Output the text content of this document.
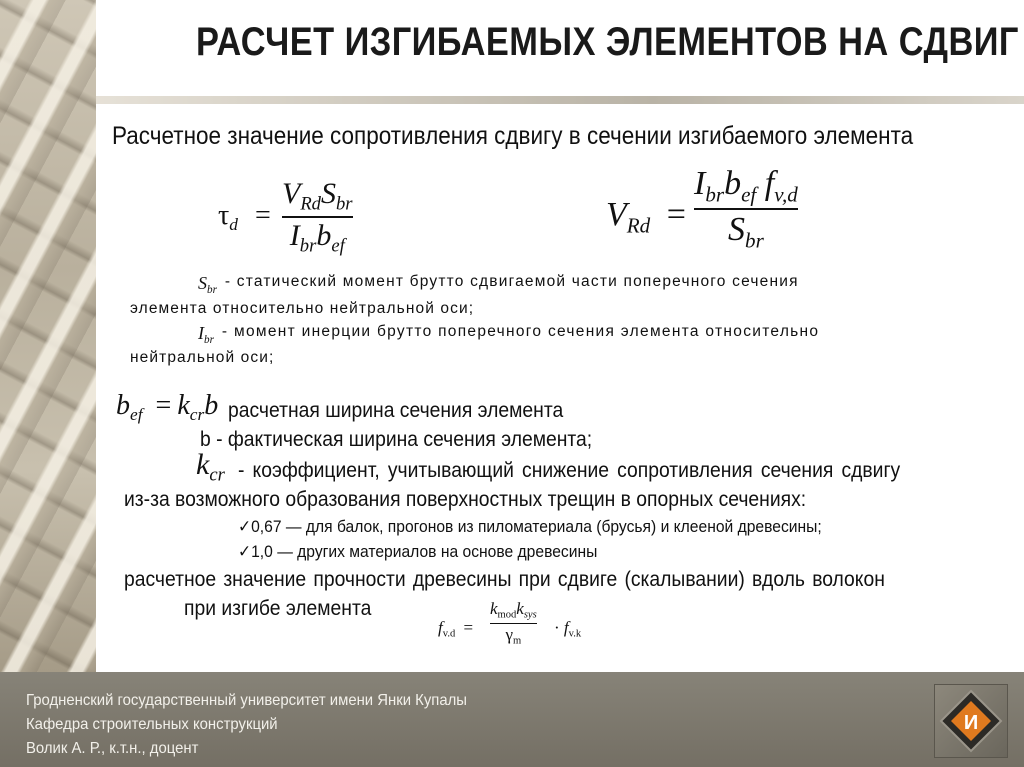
РАСЧЕТ ИЗГИБАЕМЫХ ЭЛЕМЕНТОВ НА СДВИГ
Расчетное значение сопротивления сдвигу в сечении изгибаемого элемента
$\tau_d$ =
$V_{Rd}S_{br}$
$I_{br}b_{ef}$
$V_{Rd}$ =
$I_{br}b_{ef}$ $f_{v,d}$
$S_{br}$
$S_{br}$ - статический момент брутто сдвигаемой части поперечного сечения
элемента относительно нейтральной оси;
$I_{br}$ - момент инерции брутто поперечного сечения элемента относительно
нейтральной оси;
$b_{ef} = k_{cr}b$ расчетная ширина сечения элемента
b - фактическая ширина сечения элемента;
$k_{cr}$ - коэффициент, учитывающий снижение сопротивления сечения сдвигу
из-за возможного образования поверхностных трещин в опорных сечениях:
✓0,67 — для балок, прогонов из пиломатериала (брусья) и клееной древесины;
✓1,0 — других материалов на основе древесины
расчетное значение прочности древесины при сдвиге (скалывании) вдоль волокон
при изгибе элемента
$f_{v.d}$ =
$k_{mod}k_{sys}$
$\gamma_m$
· $f_{v.k}$
Гродненский государственный университет имени Янки Купалы
Кафедра строительных конструкций
Волик А. Р., к.т.н., доцент
И
